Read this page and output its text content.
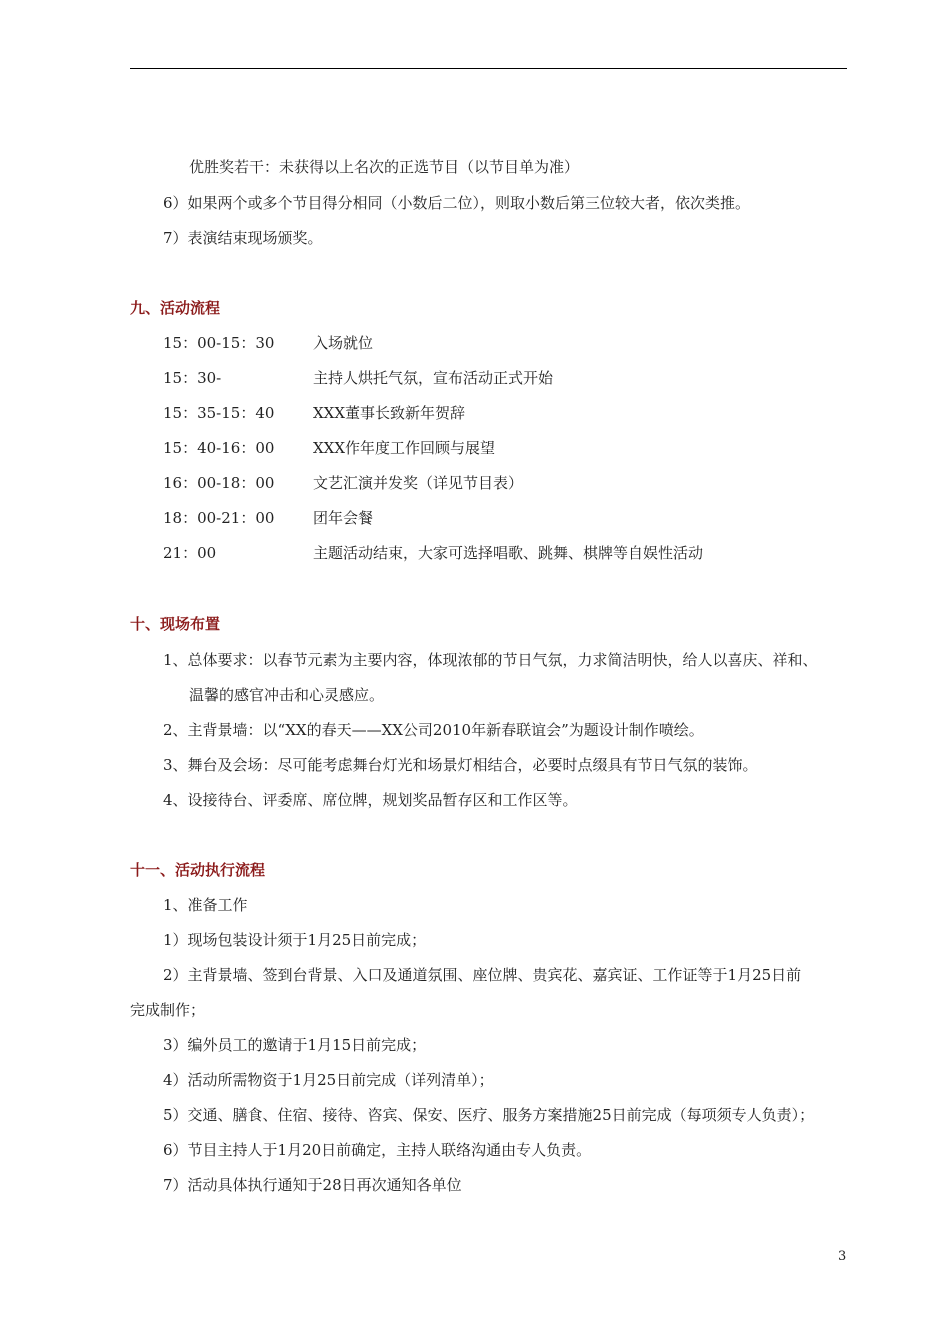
优胜奖若干：未获得以上名次的正选节目（以节目单为准）
6）如果两个或多个节目得分相同（小数后二位），则取小数后第三位较大者，依次类推。
7）表演结束现场颁奖。
九、活动流程
15：00-15：30	入场就位
15：30-	主持人烘托气氛，宣布活动正式开始
15：35-15：40	XXX董事长致新年贺辞
15：40-16：00	XXX作年度工作回顾与展望
16：00-18：00	文艺汇演并发奖（详见节目表）
18：00-21：00	团年会餐
21：00	主题活动结束，大家可选择唱歌、跳舞、棋牌等自娱性活动
十、现场布置
1、总体要求：以春节元素为主要内容，体现浓郁的节日气氛，力求简洁明快，给人以喜庆、祥和、
温馨的感官冲击和心灵感应。
2、主背景墙：以“XX的春天——XX公司2010年新春联谊会”为题设计制作喷绘。
3、舞台及会场：尽可能考虑舞台灯光和场景灯相结合，必要时点缀具有节日气氛的装饰。
4、设接待台、评委席、席位牌，规划奖品暂存区和工作区等。
十一、活动执行流程
1、准备工作
1）现场包装设计须于1月25日前完成；
2）主背景墙、签到台背景、入口及通道氛围、座位牌、贵宾花、嘉宾证、工作证等于1月25日前
完成制作；
3）编外员工的邀请于1月15日前完成；
4）活动所需物资于1月25日前完成（详列清单）；
5）交通、膳食、住宿、接待、咨宾、保安、医疗、服务方案措施25日前完成（每项须专人负责）；
6）节目主持人于1月20日前确定，主持人联络沟通由专人负责。
7）活动具体执行通知于28日再次通知各单位
3
